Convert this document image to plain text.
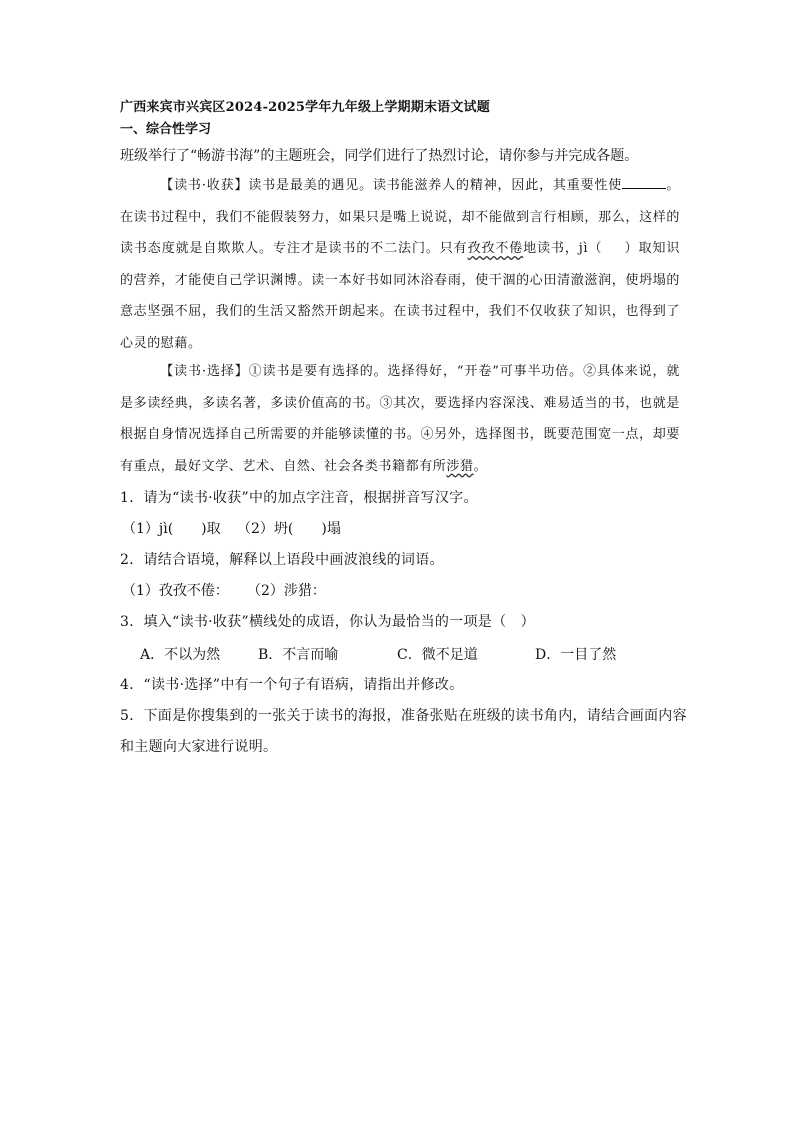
广西来宾市兴宾区2024-2025学年九年级上学期期末语文试题
一、综合性学习
班级举行了“畅游书海”的主题班会，同学们进行了热烈讨论，请你参与并完成各题。
【读书·收获】读书是最美的遇见。读书能滋养人的精神，因此，其重要性使	。在读书过程中，我们不能假装努力，如果只是嘴上说说，却不能做到言行相顾，那么，这样的读书态度就是自欺欺人。专注才是读书的不二法门。只有孜孜不倦地读书，jì（ ）取知识的营养，才能使自己学识渊博。读一本好书如同沐浴春雨，使干涸的心田清澈滋润，使坍塌的意志坚强不屈，我们的生活又豁然开朗起来。在读书过程中，我们不仅收获了知识，也得到了心灵的慰藉。
【读书·选择】①读书是要有选择的。选择得好，“开卷”可事半功倍。②具体来说，就是多读经典，多读名著，多读价值高的书。③其次，要选择内容深浅、难易适当的书，也就是根据自身情况选择自己所需要的并能够读懂的书。④另外，选择图书，既要范围宽一点，却要有重点，最好文学、艺术、自然、社会各类书籍都有所涉猎。
1．请为“读书·收获”中的加点字注音，根据拼音写汉字。
（1）jì(　　)取 （2）坍(　　)塌
2．请结合语境，解释以上语段中画波浪线的词语。
（1）孜孜不倦： （2）涉猎：
3．填入“读书·收获”横线处的成语，你认为最恰当的一项是（　）
A．不以为然	B．不言而喻	C．微不足道	D．一目了然
4．“读书·选择”中有一个句子有语病，请指出并修改。
5．下面是你搜集到的一张关于读书的海报，准备张贴在班级的读书角内，请结合画面内容
和主题向大家进行说明。
